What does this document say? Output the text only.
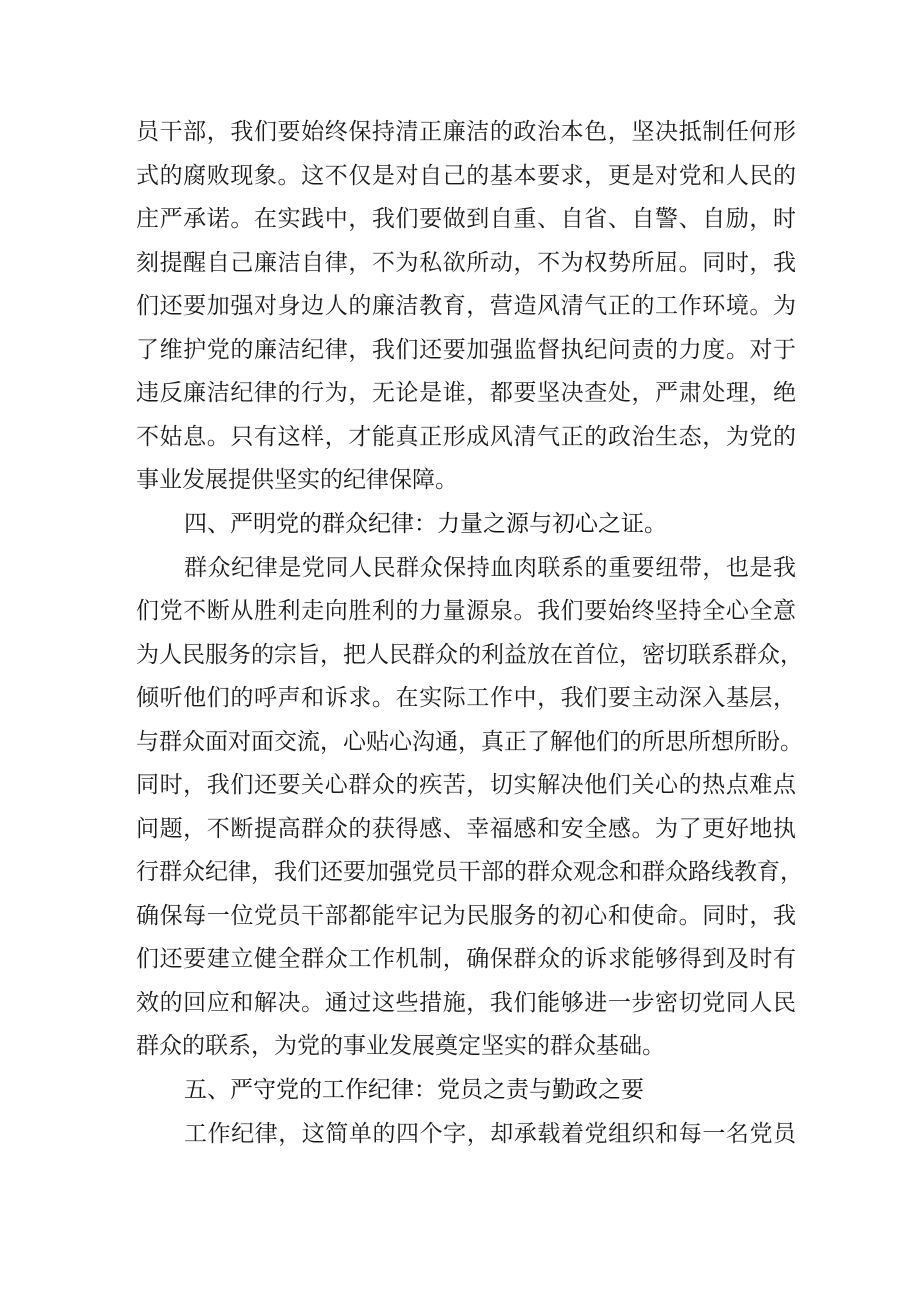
员干部，我们要始终保持清正廉洁的政治本色，坚决抵制任何形
式的腐败现象。这不仅是对自己的基本要求，更是对党和人民的
庄严承诺。在实践中，我们要做到自重、自省、自警、自励，时
刻提醒自己廉洁自律，不为私欲所动，不为权势所屈。同时，我
们还要加强对身边人的廉洁教育，营造风清气正的工作环境。为
了维护党的廉洁纪律，我们还要加强监督执纪问责的力度。对于
违反廉洁纪律的行为，无论是谁，都要坚决查处，严肃处理，绝
不姑息。只有这样，才能真正形成风清气正的政治生态，为党的
事业发展提供坚实的纪律保障。
四、严明党的群众纪律：力量之源与初心之证。
群众纪律是党同人民群众保持血肉联系的重要纽带，也是我
们党不断从胜利走向胜利的力量源泉。我们要始终坚持全心全意
为人民服务的宗旨，把人民群众的利益放在首位，密切联系群众，
倾听他们的呼声和诉求。在实际工作中，我们要主动深入基层，
与群众面对面交流，心贴心沟通，真正了解他们的所思所想所盼。
同时，我们还要关心群众的疾苦，切实解决他们关心的热点难点
问题，不断提高群众的获得感、幸福感和安全感。为了更好地执
行群众纪律，我们还要加强党员干部的群众观念和群众路线教育，
确保每一位党员干部都能牢记为民服务的初心和使命。同时，我
们还要建立健全群众工作机制，确保群众的诉求能够得到及时有
效的回应和解决。通过这些措施，我们能够进一步密切党同人民
群众的联系，为党的事业发展奠定坚实的群众基础。
五、严守党的工作纪律：党员之责与勤政之要
工作纪律，这简单的四个字，却承载着党组织和每一名党员
